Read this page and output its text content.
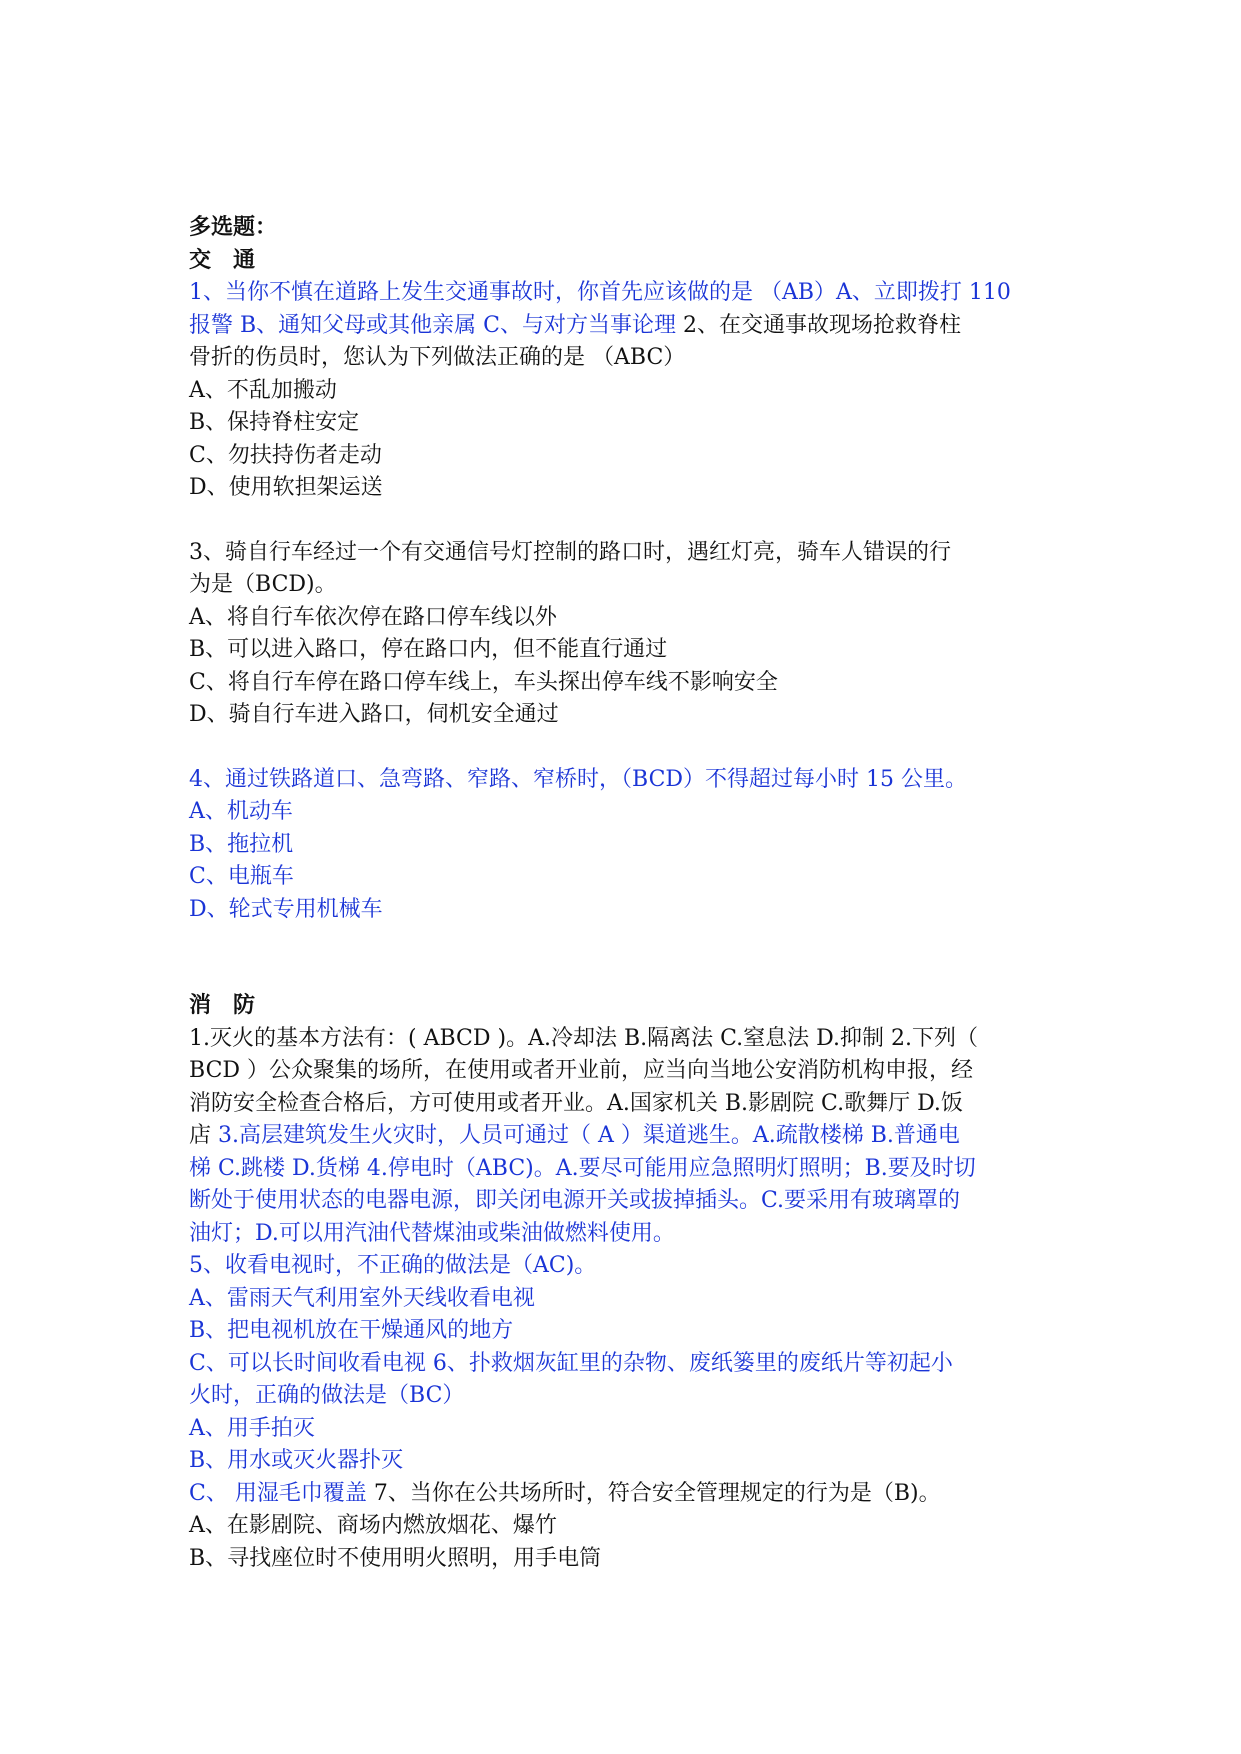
多选题：
交　通
1、当你不慎在道路上发生交通事故时，你首先应该做的是 （AB）A、立即拨打 110
报警 B、通知父母或其他亲属 C、与对方当事论理 2、在交通事故现场抢救脊柱
骨折的伤员时，您认为下列做法正确的是 （ABC）
A、不乱加搬动
B、保持脊柱安定
C、勿扶持伤者走动
D、使用软担架运送
3、骑自行车经过一个有交通信号灯控制的路口时，遇红灯亮，骑车人错误的行
为是（BCD)。
A、将自行车依次停在路口停车线以外
B、可以进入路口，停在路口内，但不能直行通过
C、将自行车停在路口停车线上，车头探出停车线不影响安全
D、骑自行车进入路口，伺机安全通过
4、通过铁路道口、急弯路、窄路、窄桥时，（BCD）不得超过每小时 15 公里。
A、机动车
B、拖拉机
C、电瓶车
D、轮式专用机械车
消　防
1.灭火的基本方法有：( ABCD )。A.冷却法 B.隔离法 C.窒息法 D.抑制 2.下列（
BCD ）公众聚集的场所，在使用或者开业前，应当向当地公安消防机构申报，经
消防安全检查合格后，方可使用或者开业。A.国家机关 B.影剧院 C.歌舞厅 D.饭
店 3.高层建筑发生火灾时，人员可通过（ A ）渠道逃生。A.疏散楼梯 B.普通电
梯 C.跳楼 D.货梯 4.停电时（ABC)。A.要尽可能用应急照明灯照明；B.要及时切
断处于使用状态的电器电源，即关闭电源开关或拔掉插头。C.要采用有玻璃罩的
油灯；D.可以用汽油代替煤油或柴油做燃料使用。
5、收看电视时，不正确的做法是（AC)。
A、雷雨天气利用室外天线收看电视
B、把电视机放在干燥通风的地方
C、可以长时间收看电视 6、扑救烟灰缸里的杂物、废纸篓里的废纸片等初起小
火时，正确的做法是（BC）
A、用手拍灭
B、用水或灭火器扑灭
C、 用湿毛巾覆盖 7、当你在公共场所时，符合安全管理规定的行为是（B)。
A、在影剧院、商场内燃放烟花、爆竹
B、寻找座位时不使用明火照明，用手电筒
